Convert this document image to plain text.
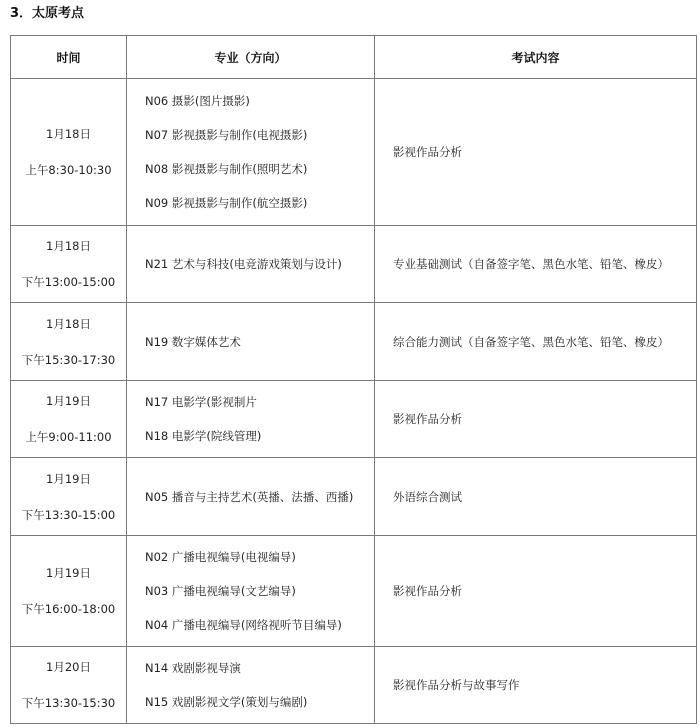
3．太原考点
时间	专业（方向）	考试内容

1月18日
上午8:30-10:30	N06 摄影(图片摄影)
N07 影视摄影与制作(电视摄影)
N08 影视摄影与制作(照明艺术)
N09 影视摄影与制作(航空摄影)	影视作品分析

1月18日
下午13:00-15:00	N21 艺术与科技(电竞游戏策划与设计)	专业基础测试（自备签字笔、黑色水笔、铅笔、橡皮）

1月18日
下午15:30-17:30	N19 数字媒体艺术	综合能力测试（自备签字笔、黑色水笔、铅笔、橡皮）

1月19日
上午9:00-11:00	N17 电影学(影视制片
N18 电影学(院线管理)	影视作品分析

1月19日
下午13:30-15:00	N05 播音与主持艺术(英播、法播、西播)	外语综合测试

1月19日
下午16:00-18:00	N02 广播电视编导(电视编导)
N03 广播电视编导(文艺编导)
N04 广播电视编导(网络视听节目编导)	影视作品分析

1月20日
下午13:30-15:30	N14 戏剧影视导演
N15 戏剧影视文学(策划与编剧)	影视作品分析与故事写作
